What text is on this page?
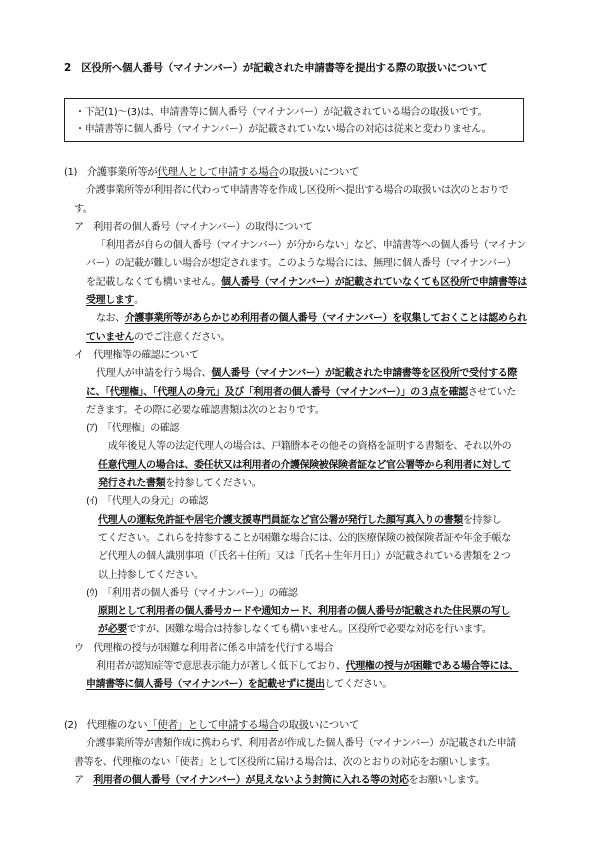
2　区役所へ個人番号（マイナンバー）が記載された申請書等を提出する際の取扱いについて
・下記(1)～(3)は、申請書等に個人番号（マイナンバー）が記載されている場合の取扱いです。
・申請書等に個人番号（マイナンバー）が記載されていない場合の対応は従来と変わりません。
(1)　 介護事業所等が代理人として申請する場合の取扱いについて
介護事業所等が利用者に代わって申請書等を作成し区役所へ提出する場合の取扱いは次のとおりで
す。
ア　利用者の個人番号（マイナンバー）の取得について
「利用者が自らの個人番号（マイナンバー）が分からない」など、申請書等への個人番号（マイナン
バー）の記載が難しい場合が想定されます。このような場合には、無理に個人番号（マイナンバー）
を記載しなくても構いません。個人番号（マイナンバー）が記載されていなくても区役所で申請書等は
受理します。
なお、介護事業所等があらかじめ利用者の個人番号（マイナンバー）を収集しておくことは認められ
ていませんのでご注意ください。
イ　代理権等の確認について
代理人が申請を行う場合、個人番号（マイナンバー）が記載された申請書等を区役所で受付する際
に、「代理権」、「代理人の身元」及び「利用者の個人番号（マイナンバー）」の３点を確認させていた
だきます。その際に必要な確認書類は次のとおりです。
(ｱ)　「代理権」の確認
成年後見人等の法定代理人の場合は、戸籍謄本その他その資格を証明する書類を、それ以外の
任意代理人の場合は、委任状又は利用者の介護保険被保険者証など官公署等から利用者に対して
発行された書類を持参してください。
(ｲ)　「代理人の身元」の確認
代理人の運転免許証や居宅介護支援専門員証など官公署が発行した顔写真入りの書類を持参し
てください。これらを持参することが困難な場合には、公的医療保険の被保険者証や年金手帳な
ど代理人の個人識別事項（「氏名＋住所」又は「氏名＋生年月日」）が記載されている書類を２つ
以上持参してください。
(ｳ)　「利用者の個人番号（マイナンバー）」の確認
原則として利用者の個人番号カードや通知カード、利用者の個人番号が記載された住民票の写し
が必要ですが、困難な場合は持参しなくても構いません。区役所で必要な対応を行います。
ウ　代理権の授与が困難な利用者に係る申請を代行する場合
利用者が認知症等で意思表示能力が著しく低下しており、代理権の授与が困難である場合等には、
申請書等に個人番号（マイナンバー）を記載せずに提出してください。
(2)　 代理権のない「使者」として申請する場合の取扱いについて
介護事業所等が書類作成に携わらず、利用者が作成した個人番号（マイナンバー）が記載された申請
書等を、代理権のない「使者」として区役所に届ける場合は、次のとおりの対応をお願いします。
ア　 利用者の個人番号（マイナンバー）が見えないよう封筒に入れる等の対応をお願いします。
